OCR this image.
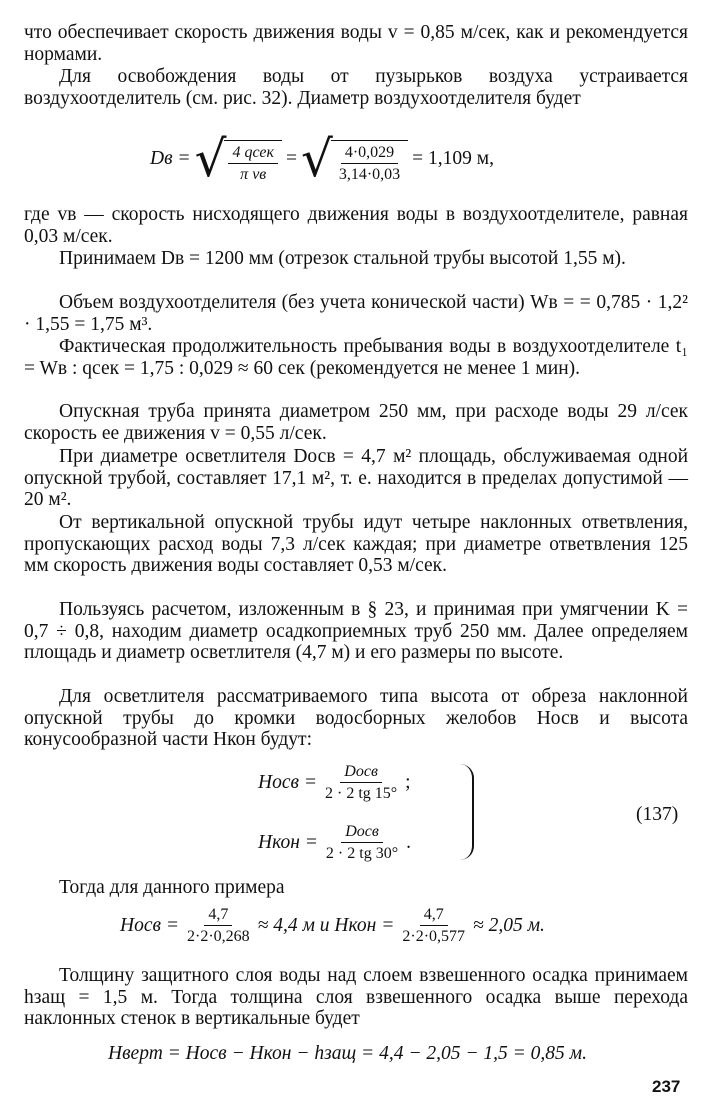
что обеспечивает скорость движения воды v = 0,85 м/сек, как и рекомендуется нормами.

Для освобождения воды от пузырьков воздуха устраивается воздухоотделитель (см. рис. 32). Диаметр воздухоотделителя будет

Dв = √ $\frac{\text{4 qсек}}{\text{π vв}}$ = √ $\frac{4\cdot 0,029}{3,14\cdot 0,03} = 1,109$ м,

где vв — скорость нисходящего движения воды в воздухоотделителе, равная 0,03 м/сек.

Принимаем Dв = 1200 мм (отрезок стальной трубы высотой 1,55 м).

Объем воздухоотделителя (без учета конической части) Wв = = 0,785 · 1,2² · 1,55 = 1,75 м³.

Фактическая продолжительность пребывания воды в воздухоотделителе t₁ = Wв : qсек = 1,75 : 0,029 ≈ 60 сек (рекомендуется не менее 1 мин).

Опускная труба принята диаметром 250 мм, при расходе воды 29 л/сек скорость ее движения v = 0,55 л/сек.

При диаметре осветлителя Dосв = 4,7 м² площадь, обслуживаемая одной опускной трубой, составляет 17,1 м², т. е. находится в пределах допустимой — 20 м².

От вертикальной опускной трубы идут четыре наклонных ответвления, пропускающих расход воды 7,3 л/сек каждая; при диаметре ответвления 125 мм скорость движения воды составляет 0,53 м/сек.

Пользуясь расчетом, изложенным в § 23, и принимая при умягчении K = 0,7 ÷ 0,8, находим диаметр осадкоприемных труб 250 мм. Далее определяем площадь и диаметр осветлителя (4,7 м) и его размеры по высоте.

Для осветлителя рассматриваемого типа высота от обреза наклонной опускной трубы до кромки водосборных желобов Hосв и высота конусообразной части Hкон будут:

Hосв = $\frac{\text{Dосв}}{2 \cdot 2 tg 15^\circ}$ ;
Hкон = $\frac{\text{Dосв}}{2 \cdot 2 tg 30^\circ}$ .
(137)

Тогда для данного примера

Hосв = $\frac{4,7}{2\cdot 2\cdot 0,268} \approx 4,4$ м и Hкон = $\frac{4,7}{2\cdot 2\cdot 0,577} \approx 2,05$ м.

Толщину защитного слоя воды над слоем взвешенного осадка принимаем hзащ = 1,5 м. Тогда толщина слоя взвешенного осадка выше перехода наклонных стенок в вертикальные будет

Hверт = Hосв − Hкон − hзащ = 4,4 − 2,05 − 1,5 = 0,85 м.
237
